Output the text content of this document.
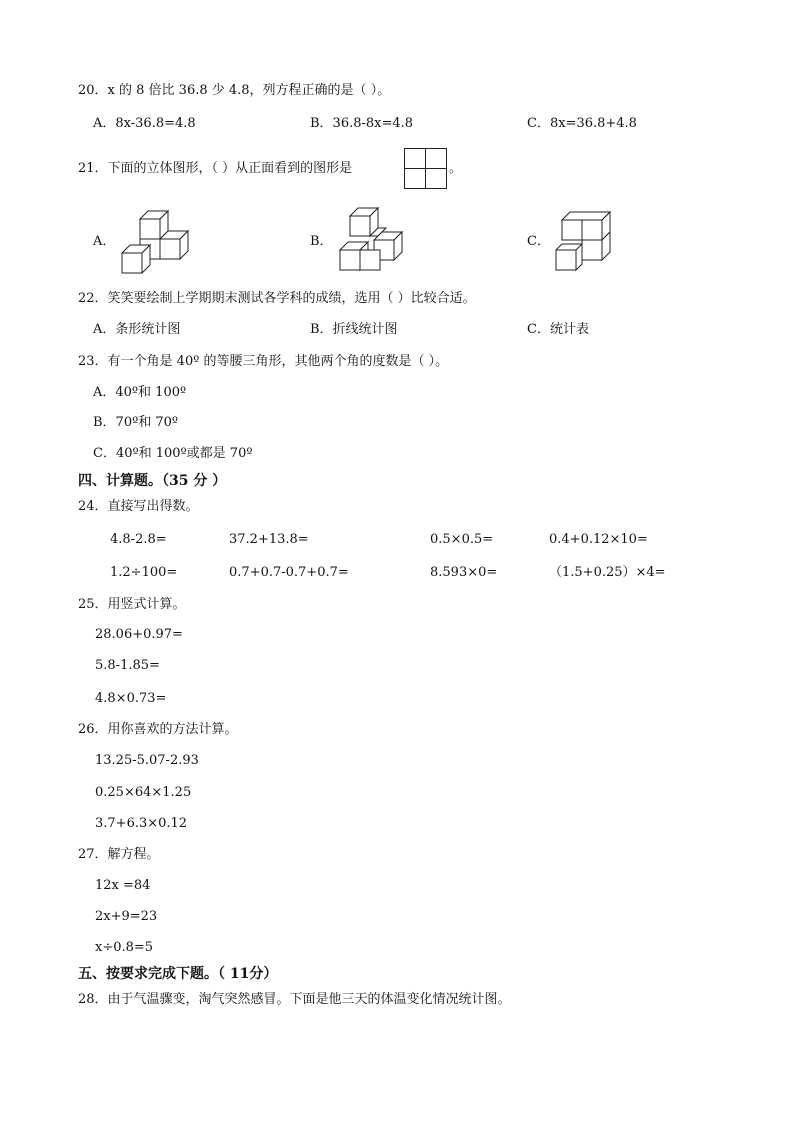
20．x 的 8 倍比 36.8 少 4.8，列方程正确的是（ ）。
A．8x-36.8=4.8	B．36.8-8x=4.8	C．8x=36.8+4.8
21．下面的立体图形，（ ）从正面看到的图形是	。
A．	B．	C．
22．笑笑要绘制上学期期末测试各学科的成绩，选用（ ）比较合适。
A．条形统计图	B．折线统计图	C．统计表
23．有一个角是 40º 的等腰三角形，其他两个角的度数是（ ）。
A．40º和 100º
B．70º和 70º
C．40º和 100º或都是 70º
四、计算题。（35 分 ）
24．直接写出得数。
4.8-2.8=	37.2+13.8=	0.5×0.5=	0.4+0.12×10=
1.2÷100=	0.7+0.7-0.7+0.7=	8.593×0=	（1.5+0.25）×4=
25．用竖式计算。
28.06+0.97=
5.8-1.85=
4.8×0.73=
26．用你喜欢的方法计算。
13.25-5.07-2.93
0.25×64×1.25
3.7+6.3×0.12
27．解方程。
12x =84
2x+9=23
x÷0.8=5
五、按要求完成下题。（ 11分）
28．由于气温骤变，淘气突然感冒。下面是他三天的体温变化情况统计图。
